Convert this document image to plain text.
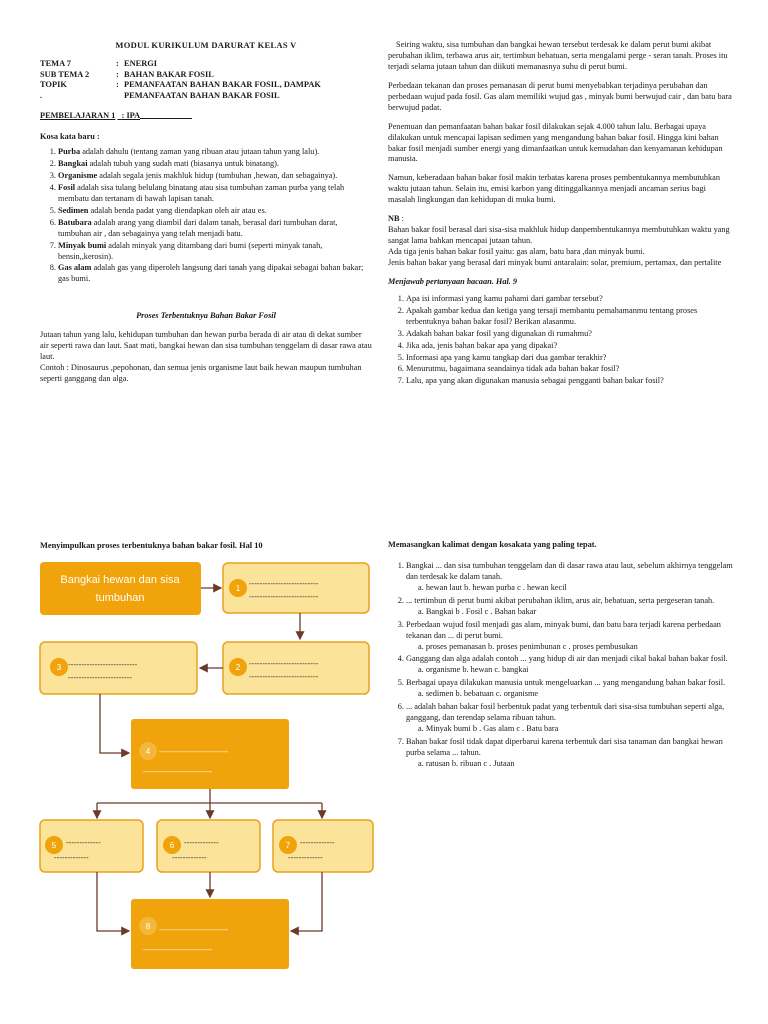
MODUL KURIKULUM DARURAT KELAS V
TEMA 7	:	ENERGI
SUB TEMA 2	:	BAHAN BAKAR FOSIL
TOPIK	:	PEMANFAATAN BAHAN BAKAR FOSIL, DAMPAK
.		PEMANFAATAN BAHAN BAKAR FOSIL
PEMBELAJARAN 1 : IPA
Kosa kata baru :
1. Purba adalah dahulu (tentang zaman yang ribuan atau jutaan tahun yang lalu).
2. Bangkai adalah tubuh yang sudah mati (biasanya untuk binatang).
3. Organisme adalah segala jenis makhluk hidup (tumbuhan ,hewan, dan sebagainya).
4. Fosil adalah sisa tulang belulang binatang atau sisa tumbuhan zaman purba yang telah membatu dan tertanam di bawah lapisan tanah.
5. Sedimen adalah benda padat yang diendapkan oleh air atau es.
6. Batubara adalah arang yang diambil dari dalam tanah, berasal dari tumbuhan darat, tumbuhan air , dan sebagainya yang telah menjadi batu.
7. Minyak bumi adalah minyak yang ditambang dari bumi (seperti minyak tanah, bensin,,kerosin).
8. Gas alam adalah gas yang diperoleh langsung dari tanah yang dipakai sebagai bahan bakar; gas bumi.
Proses Terbentuknya Bahan Bakar Fosil

Jutaan tahun yang lalu, kehidupan tumbuhan dan hewan purba berada di air atau di dekat sumber air seperti rawa dan laut. Saat mati, bangkai hewan dan sisa tumbuhan tenggelam di dasar rawa atau laut.

Contoh : Dinosaurus ,pepohonan, dan semua jenis organisme laut baik hewan maupun tumbuhan seperti ganggang dan alga.

Seiring waktu, sisa tumbuhan dan bangkai hewan tersebut terdesak ke dalam perut bumi akibat perubahan iklim, terbawa arus air, tertimbun bebatuan, serta mengalami perge - seran tanah. Proses itu terjadi selama jutaan tahun dan diikuti memanasnya suhu di perut bumi.

Perbedaan tekanan dan proses pemanasan di perut bumi menyebabkan terjadinya perubahan dan perbedaan wujud pada fosil. Gas alam memiliki wujud gas , minyak bumi berwujud cair , dan batu bara berwujud padat.

Penemuan dan pemanfaatan bahan bakar fosil dilakukan sejak 4.000 tahun lalu. Berbagai upaya dilakukan untuk mencapai lapisan sedimen yang mengandung bahan bakar fosil. Hingga kini bahan bakar fosil menjadi sumber energi yang dimanfaatkan untuk kemudahan dan kenyamanan kehidupan manusia.

Namun, keberadaan bahan bakar fosil makin terbatas karena proses pembentukannya membutuhkan waktu jutaan tahun. Selain itu, emisi karbon yang ditinggalkannya menjadi ancaman serius bagi masalah lingkungan dan kehidupan di muka bumi.

NB :
Bahan bakar fosil berasal dari sisa-sisa makhluk hidup danpembentukannya membutuhkan waktu yang sangat lama bahkan mencapai jutaan tahun.
Ada tiga jenis bahan bakar fosil yaitu: gas alam, batu bara ,dan minyak bumi.
Jenis bahan bakar yang berasal dari minyak bumi antaralain: solar, premium, pertamax, dan pertalite
Menjawab pertanyaan bacaan. Hal. 9
1. Apa isi informasi yang kamu pahami dari gambar tersebut?
2. Apakah gambar kedua dan ketiga yang tersaji membantu pemahamanmu tentang proses terbentuknya bahan bakar fosil? Berikan alasanmu.
3. Adakah bahan bakar fosil yang digunakan di rumahmu?
4. Jika ada, jenis bahan bakar apa yang dipakai?
5. Informasi apa yang kamu tangkap dari dua gambar terakhir?
6. Menurutmu, bagaimana seandainya tidak ada bahan bakar fosil?
7. Lalu, apa yang akan digunakan manusia sebagai pengganti bahan bakar fosil?
Menyimpulkan proses terbentuknya bahan bakar fosil. Hal 10
Bangkai hewan dan sisa
tumbuhan
1
--------------------------
--------------------------
3 --------------------------
------------------------
2 --------------------------
--------------------------
4 --------------------------
--------------------------
5 -------------
-------------
6 -------------
-------------
7 -------------
-------------
8 --------------------------
--------------------------
Memasangkan kalimat dengan kosakata yang paling tepat.
1. Bangkai ... dan sisa tumbuhan tenggelam dan di dasar rawa atau laut, sebelum akhirnya tenggelam dan terdesak ke dalam tanah.
a. hewan laut b. hewan purba c . hewan kecil
2. ... tertimbun di perut bumi akibat perubahan iklim, arus air, bebatuan, serta pergeseran tanah.
a. Bangkai b . Fosil c . Bahan bakar
3. Perbedaan wujud fosil menjadi gas alam, minyak bumi, dan batu bara terjadi karena perbedaan tekanan dan ... di perut bumi.
a. proses pemanasan b. proses penimbunan c . proses pembusukan
4. Ganggang dan alga adalah contoh ... yang hidup di air dan menjadi cikal bakal bahan bakar fosil.
a. organisme b. hewan c. bangkai
5. Berbagai upaya dilakukan manusia untuk mengeluarkan ... yang mengandung bahan bakar fosil.
a. sedimen b. bebatuan c. organisme
6. ... adalah bahan bakar fosil berbentuk padat yang terbentuk dari sisa-sisa tumbuhan seperti alga, ganggang, dan terendap selama ribuan tahun.
a. Minyak bumi b . Gas alam c . Batu bara
7. Bahan bakar fosil tidak dapat diperbarui karena terbentuk dari sisa tanaman dan bangkai hewan purba selama ... tahun.
a. ratusan b. ribuan c . Jutaan
